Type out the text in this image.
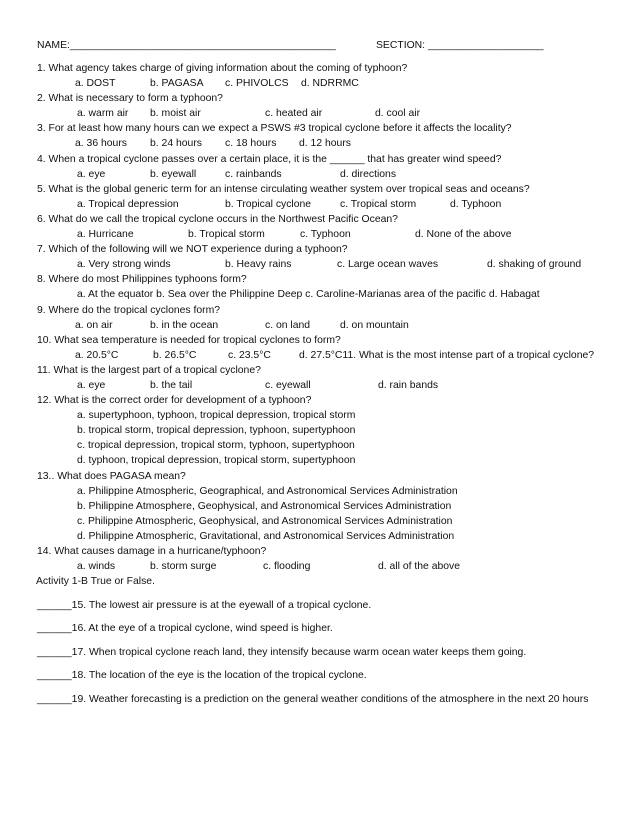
NAME:______________________________________________	SECTION: ____________________
1. What agency takes charge of giving information about the coming of typhoon?
a. DOST	b. PAGASA c. PHIVOLCS d. NDRRMC
2. What is necessary to form a typhoon?
a. warm air b. moist air	c. heated air	d. cool air
3. For at least how many hours can we expect a PSWS #3 tropical cyclone before it affects the locality?
a. 36 hours b. 24 hours c. 18 hours d. 12 hours
4. When a tropical cyclone passes over a certain place, it is the ______ that has greater wind speed?
a. eye	b. eyewall	c. rainbands	d. directions
5. What is the global generic term for an intense circulating weather system over tropical seas and oceans?
a. Tropical depression	b. Tropical cyclone	c. Tropical storm	d. Typhoon
6. What do we call the tropical cyclone occurs in the Northwest Pacific Ocean?
a. Hurricane	b. Tropical storm	c. Typhoon	d. None of the above
7. Which of the following will we NOT experience during a typhoon?
a. Very strong winds	b. Heavy rains	c. Large ocean waves	d. shaking of ground
8. Where do most Philippines typhoons form?
a. At the equator b. Sea over the Philippine Deep c. Caroline-Marianas area of the pacific d. Habagat
9. Where do the tropical cyclones form?
a. on air	b. in the ocean	c. on land	d. on mountain
10. What sea temperature is needed for tropical cyclones to form?
a. 20.5°C	b. 26.5°C	c. 23.5°C	d. 27.5°C11. What is the most intense part of a tropical cyclone?
11. What is the largest part of a tropical cyclone?
a. eye	b. the tail	c. eyewall	d. rain bands
12. What is the correct order for development of a typhoon?
a. supertyphoon, typhoon, tropical depression, tropical storm
b. tropical storm, tropical depression, typhoon, supertyphoon
c. tropical depression, tropical storm, typhoon, supertyphoon
d. typhoon, tropical depression, tropical storm, supertyphoon
13.. What does PAGASA mean?
a. Philippine Atmospheric, Geographical, and Astronomical Services Administration
b. Philippine Atmosphere, Geophysical, and Astronomical Services Administration
c. Philippine Atmospheric, Geophysical, and Astronomical Services Administration
d. Philippine Atmospheric, Gravitational, and Astronomical Services Administration
14. What causes damage in a hurricane/typhoon?
a. winds	b. storm surge	c. flooding	d. all of the above
Activity 1-B True or False.
______15. The lowest air pressure is at the eyewall of a tropical cyclone.
______16. At the eye of a tropical cyclone, wind speed is higher.
______17. When tropical cyclone reach land, they intensify because warm ocean water keeps them going.
______18. The location of the eye is the location of the tropical cyclone.
______19. Weather forecasting is a prediction on the general weather conditions of the atmosphere in the next 20 hours
